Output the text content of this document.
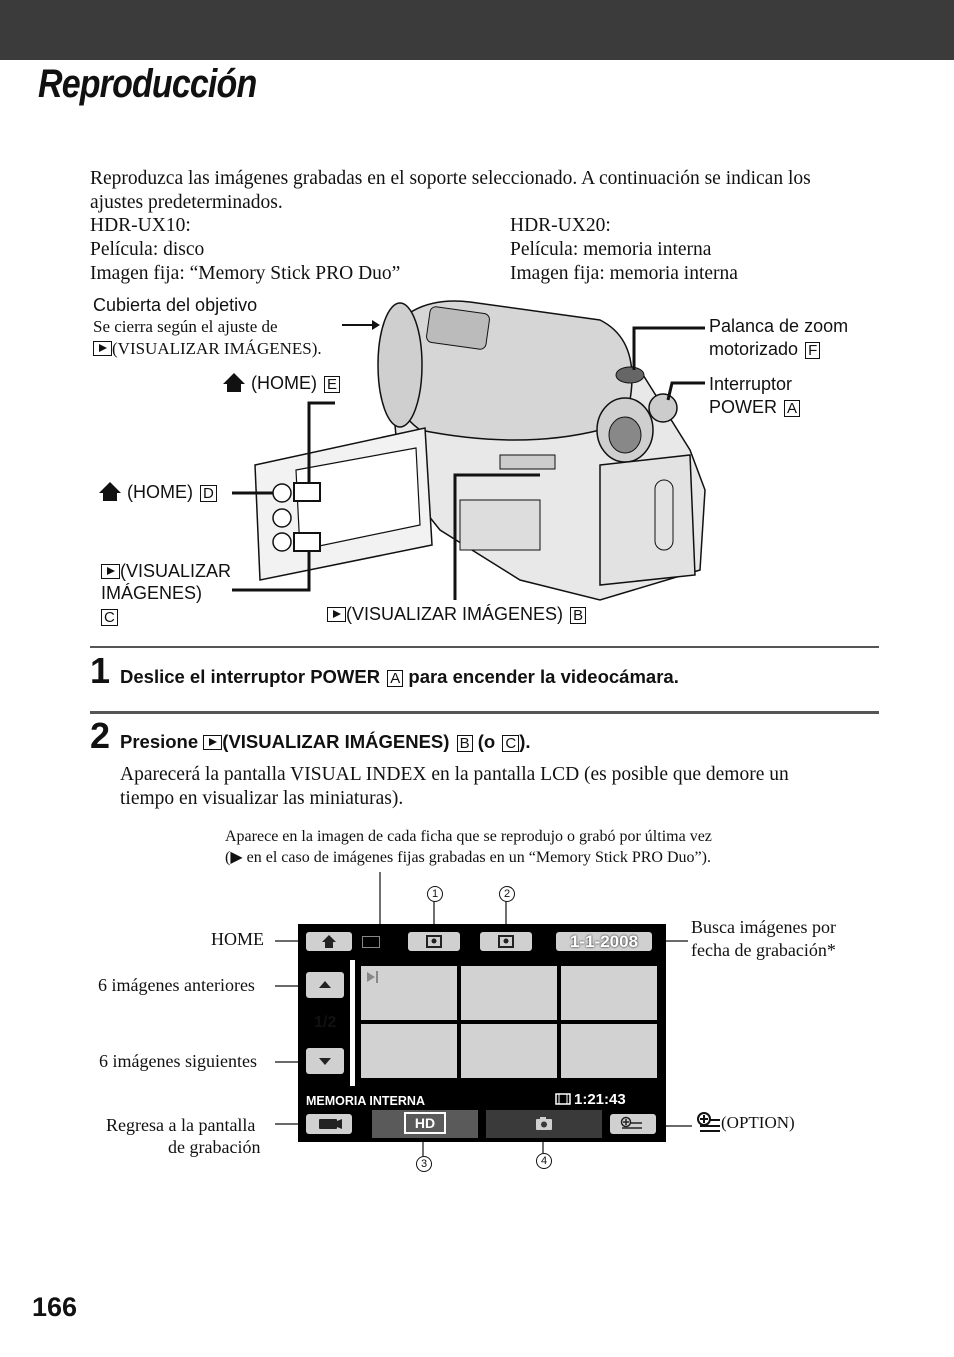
Reproducción
Reproduzca las imágenes grabadas en el soporte seleccionado. A continuación se indican los
ajustes predeterminados.
HDR-UX10:
Película: disco
Imagen fija: “Memory Stick PRO Duo”
HDR-UX20:
Película: memoria interna
Imagen fija: memoria interna
Cubierta del objetivo
Se cierra según el ajuste de
(VISUALIZAR IMÁGENES).
Palanca de zoom
motorizado F
Interruptor
POWER A
(HOME) E
(HOME) D
(VISUALIZAR
IMÁGENES)
C	(VISUALIZAR IMÁGENES) B
1 Deslice el interruptor POWER A para encender la videocámara.
2 Presione (VISUALIZAR IMÁGENES) B (o C ).
Aparecerá la pantalla VISUAL INDEX en la pantalla LCD (es posible que demore un
tiempo en visualizar las miniaturas).
Aparece en la imagen de cada ficha que se reprodujo o grabó por última vez
(▶ en el caso de imágenes fijas grabadas en un “Memory Stick PRO Duo”).
HOME
6 imágenes anteriores
6 imágenes siguientes
Regresa a la pantalla
de grabación
Busca imágenes por
fecha de grabación*
(OPTION)
1	2
3	4
1-1-2008
1/2
MEMORIA INTERNA	1:21:43
HD
166
